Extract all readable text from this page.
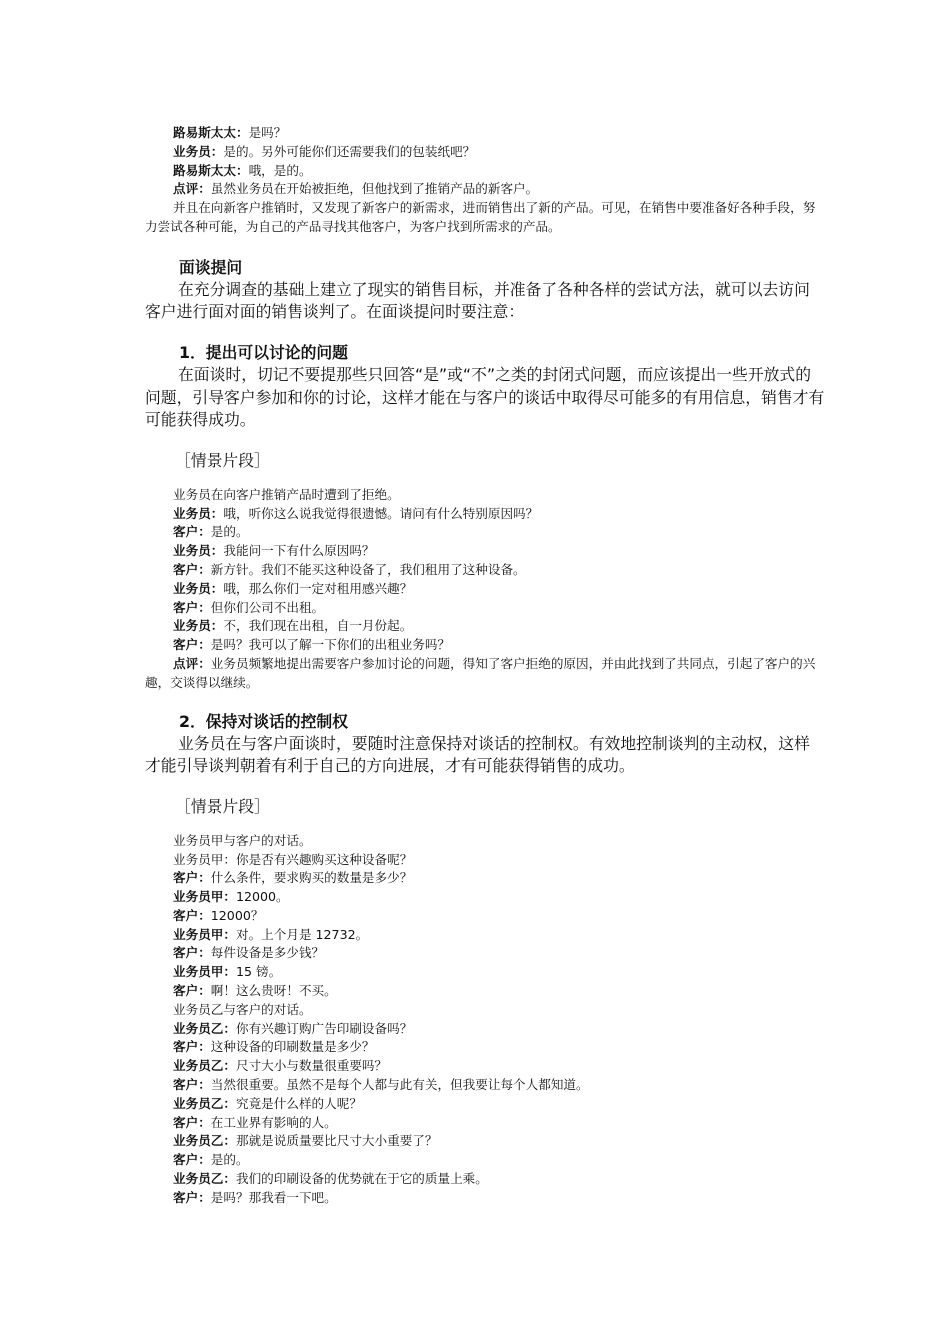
路易斯太太：是吗？

业务员：是的。另外可能你们还需要我们的包装纸吧？

路易斯太太：哦，是的。

点评：虽然业务员在开始被拒绝，但他找到了推销产品的新客户。

并且在向新客户推销时，又发现了新客户的新需求，进而销售出了新的产品。可见，在销售中要准备好各种手段，努力尝试各种可能，为自己的产品寻找其他客户，为客户找到所需求的产品。

面谈提问

在充分调查的基础上建立了现实的销售目标，并准备了各种各样的尝试方法，就可以去访问客户进行面对面的销售谈判了。在面谈提问时要注意：

1．提出可以讨论的问题

在面谈时，切记不要提那些只回答“是”或“不”之类的封闭式问题，而应该提出一些开放式的问题，引导客户参加和你的讨论，这样才能在与客户的谈话中取得尽可能多的有用信息，销售才有可能获得成功。

［情景片段］

业务员在向客户推销产品时遭到了拒绝。

业务员：哦，听你这么说我觉得很遗憾。请问有什么特别原因吗？

客户：是的。

业务员：我能问一下有什么原因吗？

客户：新方针。我们不能买这种设备了，我们租用了这种设备。

业务员：哦，那么你们一定对租用感兴趣？

客户：但你们公司不出租。

业务员：不，我们现在出租，自一月份起。

客户：是吗？我可以了解一下你们的出租业务吗？

点评：业务员频繁地提出需要客户参加讨论的问题，得知了客户拒绝的原因，并由此找到了共同点，引起了客户的兴趣，交谈得以继续。

2．保持对谈话的控制权

业务员在与客户面谈时，要随时注意保持对谈话的控制权。有效地控制谈判的主动权，这样才能引导谈判朝着有利于自己的方向进展，才有可能获得销售的成功。

［情景片段］

业务员甲与客户的对话。

业务员甲：你是否有兴趣购买这种设备呢？

客户：什么条件，要求购买的数量是多少？

业务员甲：12000。

客户：12000？

业务员甲：对。上个月是 12732。

客户：每件设备是多少钱？

业务员甲：15 镑。

客户：啊！这么贵呀！不买。

业务员乙与客户的对话。

业务员乙：你有兴趣订购广告印刷设备吗？

客户：这种设备的印刷数量是多少？

业务员乙：尺寸大小与数量很重要吗？

客户：当然很重要。虽然不是每个人都与此有关，但我要让每个人都知道。

业务员乙：究竟是什么样的人呢？

客户：在工业界有影响的人。

业务员乙：那就是说质量要比尺寸大小重要了？

客户：是的。

业务员乙：我们的印刷设备的优势就在于它的质量上乘。

客户：是吗？那我看一下吧。
